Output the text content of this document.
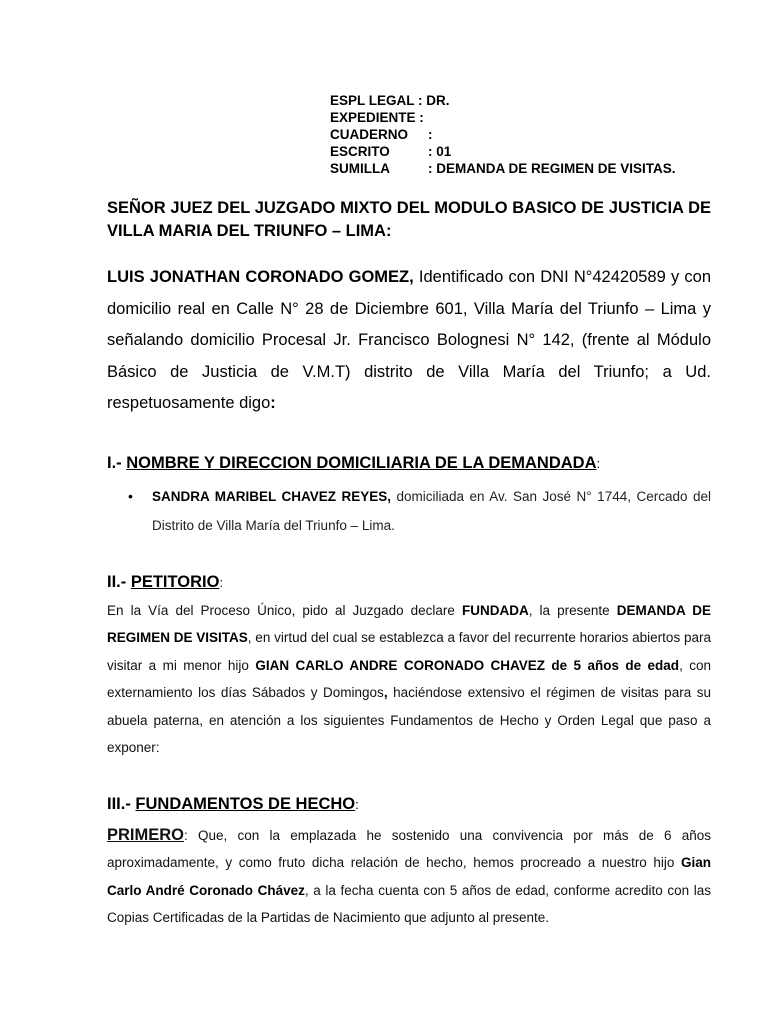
ESPL LEGAL : DR.
EXPEDIENTE :
CUADERNO	:
ESCRITO	: 01
SUMILLA	: DEMANDA DE REGIMEN DE VISITAS.
SEÑOR JUEZ DEL JUZGADO MIXTO DEL MODULO BASICO DE JUSTICIA DE VILLA MARIA DEL TRIUNFO – LIMA:
LUIS JONATHAN CORONADO GOMEZ, Identificado con DNI N°42420589 y con domicilio real en Calle N° 28 de Diciembre 601, Villa María del Triunfo – Lima y señalando domicilio Procesal Jr. Francisco Bolognesi N° 142, (frente al Módulo Básico de Justicia de V.M.T) distrito de Villa María del Triunfo; a Ud. respetuosamente digo:
I.- NOMBRE Y DIRECCION DOMICILIARIA DE LA DEMANDADA:
•	SANDRA MARIBEL CHAVEZ REYES, domiciliada en Av. San José N° 1744, Cercado del Distrito de Villa María del Triunfo – Lima.
II.- PETITORIO:
En la Vía del Proceso Único, pido al Juzgado declare FUNDADA, la presente DEMANDA DE REGIMEN DE VISITAS, en virtud del cual se establezca a favor del recurrente horarios abiertos para visitar a mi menor hijo GIAN CARLO ANDRE CORONADO CHAVEZ de 5 años de edad, con externamiento los días Sábados y Domingos, haciéndose extensivo el régimen de visitas para su abuela paterna, en atención a los siguientes Fundamentos de Hecho y Orden Legal que paso a exponer:
III.- FUNDAMENTOS DE HECHO:
PRIMERO: Que, con la emplazada he sostenido una convivencia por más de 6 años aproximadamente, y como fruto dicha relación de hecho, hemos procreado a nuestro hijo Gian Carlo André Coronado Chávez, a la fecha cuenta con 5 años de edad, conforme acredito con las Copias Certificadas de la Partidas de Nacimiento que adjunto al presente.
